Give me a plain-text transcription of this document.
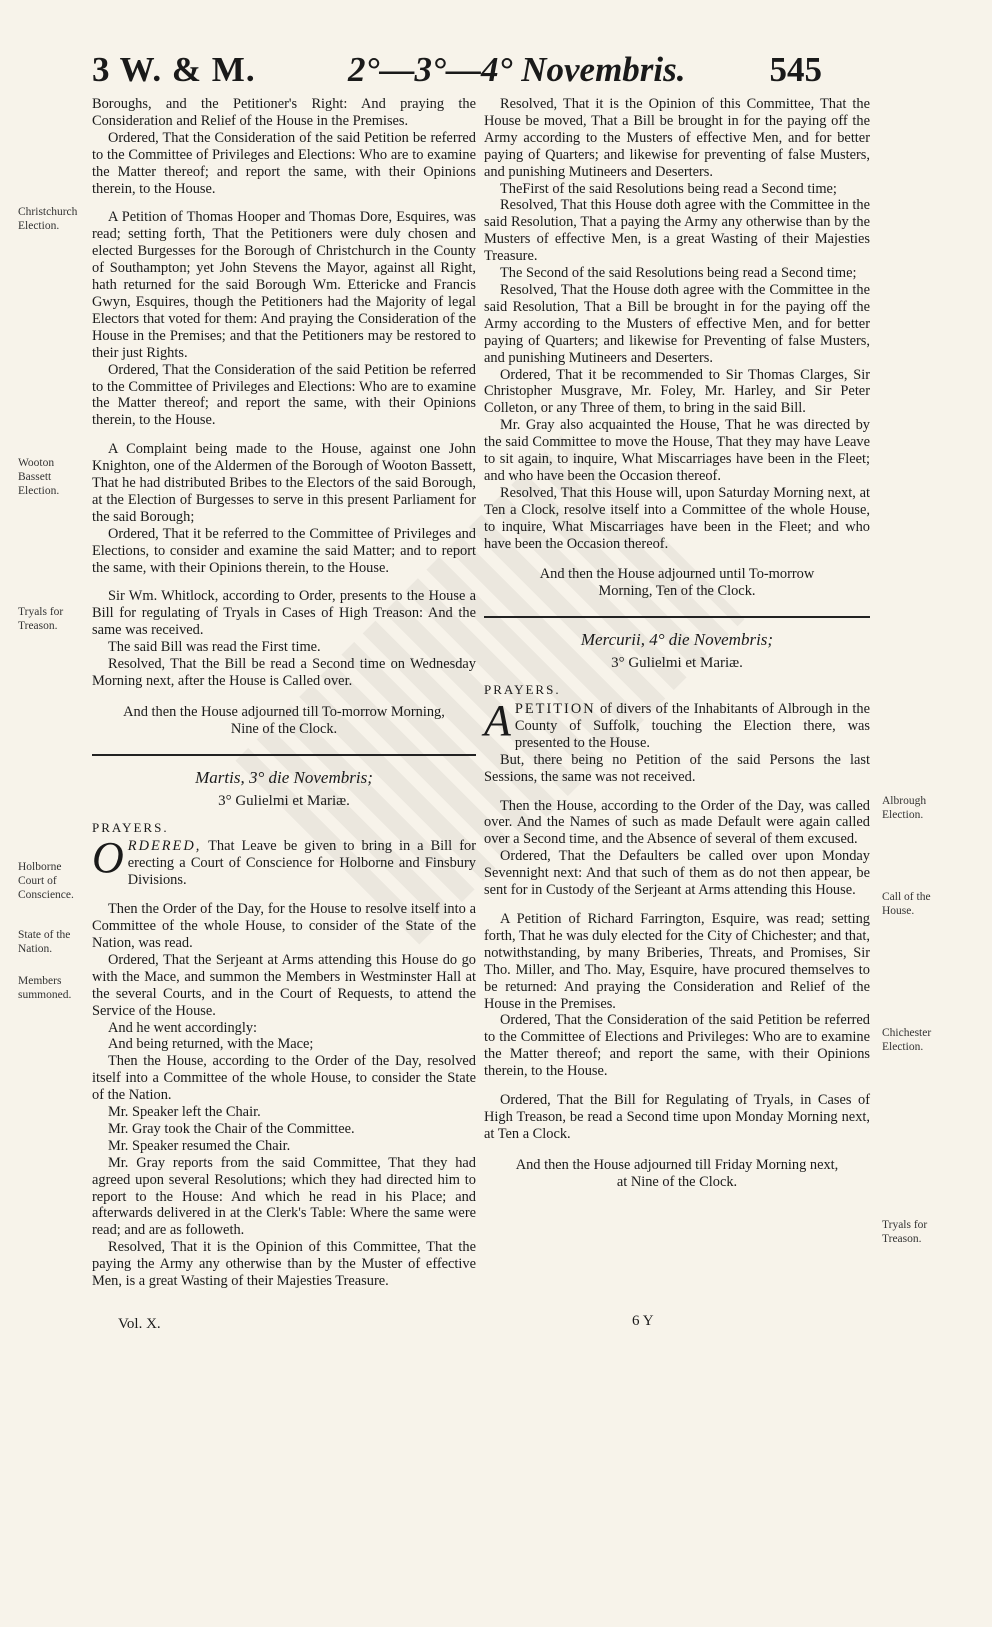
3 W. & M.	2°—3°—4° Novembris. 545
Christchurch Election.
Wooton Bassett Election.
Tryals for Treason.
Holborne Court of Conscience.
State of the Nation.
Members summoned.
Albrough Election.
Call of the House.
Chichester Election.
Tryals for Treason.

Boroughs, and the Petitioner's Right: And praying the Consideration and Relief of the House in the Premises.

Ordered, That the Consideration of the said Petition be referred to the Committee of Privileges and Elections: Who are to examine the Matter thereof; and report the same, with their Opinions therein, to the House.

A Petition of Thomas Hooper and Thomas Dore, Esquires, was read; setting forth, That the Petitioners were duly chosen and elected Burgesses for the Borough of Christchurch in the County of Southampton; yet John Stevens the Mayor, against all Right, hath returned for the said Borough Wm. Ettericke and Francis Gwyn, Esquires, though the Petitioners had the Majority of legal Electors that voted for them: And praying the Consideration of the House in the Premises; and that the Petitioners may be restored to their just Rights.

Ordered, That the Consideration of the said Petition be referred to the Committee of Privileges and Elections: Who are to examine the Matter thereof; and report the same, with their Opinions therein, to the House.

A Complaint being made to the House, against one John Knighton, one of the Aldermen of the Borough of Wooton Bassett, That he had distributed Bribes to the Electors of the said Borough, at the Election of Burgesses to serve in this present Parliament for the said Borough;

Ordered, That it be referred to the Committee of Privileges and Elections, to consider and examine the said Matter; and to report the same, with their Opinions therein, to the House.

Sir Wm. Whitlock, according to Order, presents to the House a Bill for regulating of Tryals in Cases of High Treason: And the same was received.

The said Bill was read the First time.

Resolved, That the Bill be read a Second time on Wednesday Morning next, after the House is Called over.

And then the House adjourned till To-morrow Morning, Nine of the Clock.

Martis, 3° die Novembris;
3° Gulielmi et Mariæ.

PRAYERS.

ORDERED, That Leave be given to bring in a Bill for erecting a Court of Conscience for Holborne and Finsbury Divisions.

Then the Order of the Day, for the House to resolve itself into a Committee of the whole House, to consider of the State of the Nation, was read.

Ordered, That the Serjeant at Arms attending this House do go with the Mace, and summon the Members in Westminster Hall at the several Courts, and in the Court of Requests, to attend the Service of the House.

And he went accordingly:

And being returned, with the Mace;

Then the House, according to the Order of the Day, resolved itself into a Committee of the whole House, to consider the State of the Nation.

Mr. Speaker left the Chair.

Mr. Gray took the Chair of the Committee.

Mr. Speaker resumed the Chair.

Mr. Gray reports from the said Committee, That they had agreed upon several Resolutions; which they had directed him to report to the House: And which he read in his Place; and afterwards delivered in at the Clerk's Table: Where the same were read; and are as followeth.

Resolved, That it is the Opinion of this Committee, That the paying the Army any otherwise than by the Muster of effective Men, is a great Wasting of their Majesties Treasure.

Resolved, That it is the Opinion of this Committee, That the House be moved, That a Bill be brought in for the paying off the Army according to the Musters of effective Men, and for better paying of Quarters; and likewise for preventing of false Musters, and punishing Mutineers and Deserters.

TheFirst of the said Resolutions being read a Second time;

Resolved, That this House doth agree with the Committee in the said Resolution, That a paying the Army any otherwise than by the Musters of effective Men, is a great Wasting of their Majesties Treasure.

The Second of the said Resolutions being read a Second time;

Resolved, That the House doth agree with the Committee in the said Resolution, That a Bill be brought in for the paying off the Army according to the Musters of effective Men, and for better paying of Quarters; and likewise for Preventing of false Musters, and punishing Mutineers and Deserters.

Ordered, That it be recommended to Sir Thomas Clarges, Sir Christopher Musgrave, Mr. Foley, Mr. Harley, and Sir Peter Colleton, or any Three of them, to bring in the said Bill.

Mr. Gray also acquainted the House, That he was directed by the said Committee to move the House, That they may have Leave to sit again, to inquire, What Miscarriages have been in the Fleet; and who have been the Occasion thereof.

Resolved, That this House will, upon Saturday Morning next, at Ten a Clock, resolve itself into a Committee of the whole House, to inquire, What Miscarriages have been in the Fleet; and who have been the Occasion thereof.

And then the House adjourned until To-morrow Morning, Ten of the Clock.

Mercurii, 4° die Novembris;
3° Gulielmi et Mariæ.

PRAYERS.

APETITION of divers of the Inhabitants of Albrough in the County of Suffolk, touching the Election there, was presented to the House.

But, there being no Petition of the said Persons the last Sessions, the same was not received.

Then the House, according to the Order of the Day, was called over. And the Names of such as made Default were again called over a Second time, and the Absence of several of them excused.

Ordered, That the Defaulters be called over upon Monday Sevennight next: And that such of them as do not then appear, be sent for in Custody of the Serjeant at Arms attending this House.

A Petition of Richard Farrington, Esquire, was read; setting forth, That he was duly elected for the City of Chichester; and that, notwithstanding, by many Briberies, Threats, and Promises, Sir Tho. Miller, and Tho. May, Esquire, have procured themselves to be returned: And praying the Consideration and Relief of the House in the Premises.

Ordered, That the Consideration of the said Petition be referred to the Committee of Elections and Privileges: Who are to examine the Matter thereof; and report the same, with their Opinions therein, to the House.

Ordered, That the Bill for Regulating of Tryals, in Cases of High Treason, be read a Second time upon Monday Morning next, at Ten a Clock.

And then the House adjourned till Friday Morning next, at Nine of the Clock.

Vol. X.	6 Y
